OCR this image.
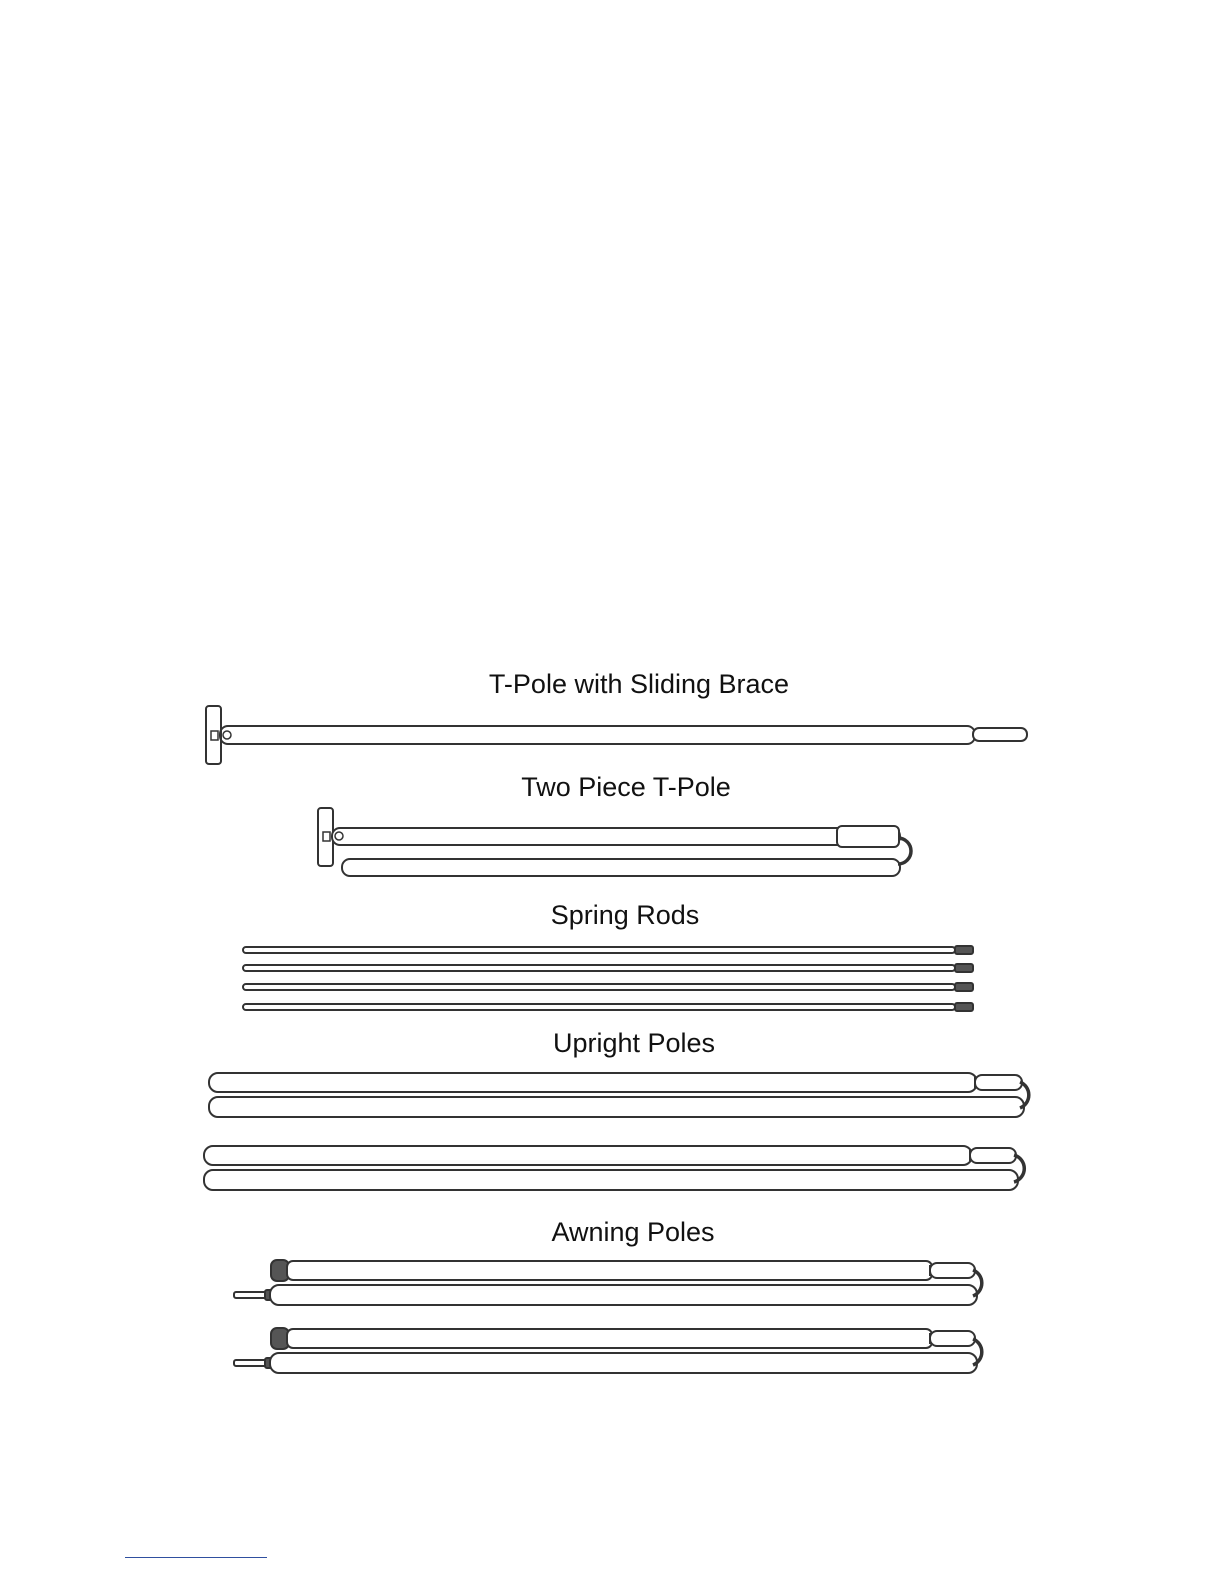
T-Pole with Sliding Brace

Two Piece T-Pole

Spring Rods

Upright Poles

Awning Poles
